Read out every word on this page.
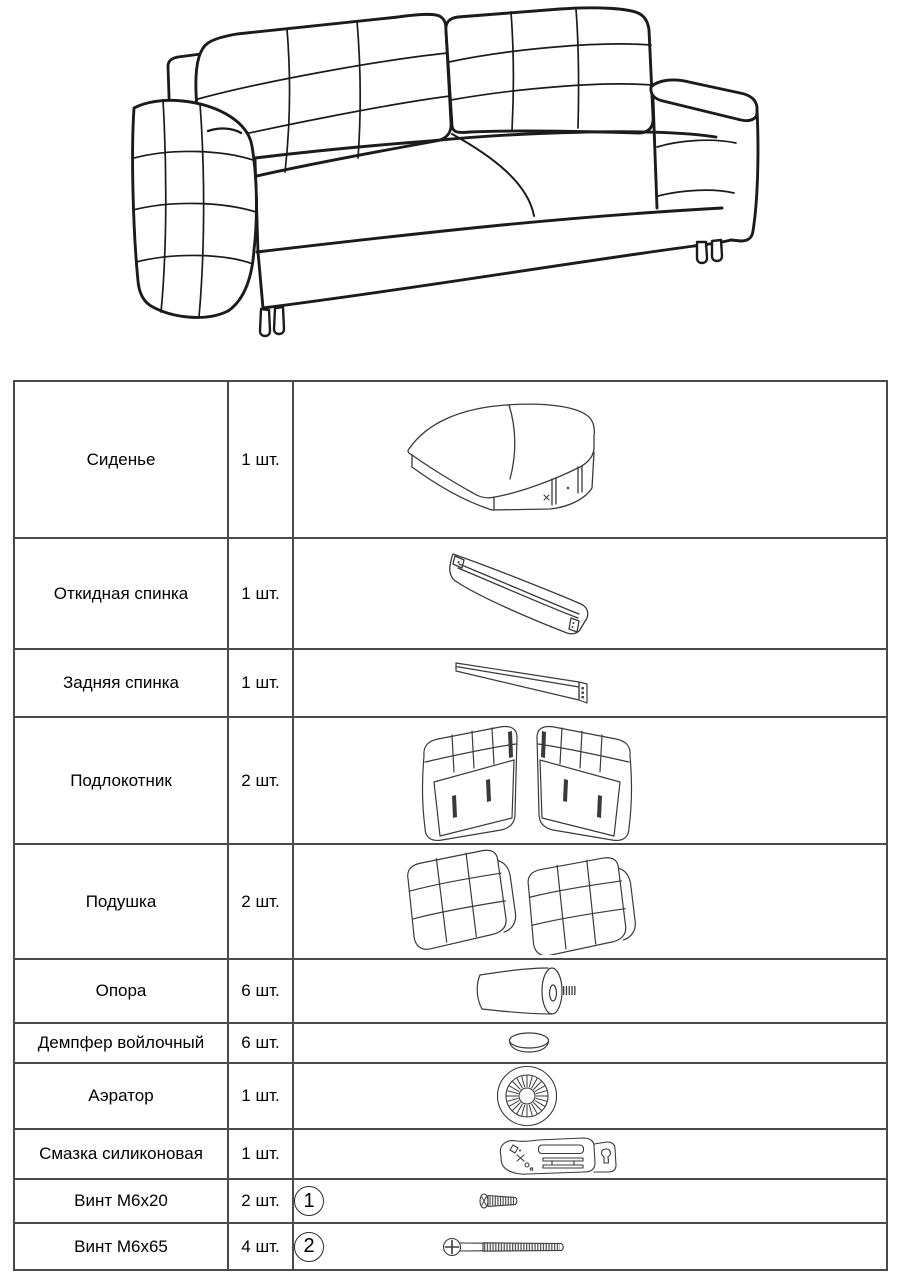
Сиденье	1 шт.
Откидная спинка	1 шт.
Задняя спинка	1 шт.
Подлокотник	2 шт.
Подушка	2 шт.
Опора	6 шт.
Демпфер войлочный 6 шт.
Аэратор	1 шт.
Смазка силиконовая 1 шт.
Винт М6х20	2 шт. 1
Винт М6х65	4 шт. 2
